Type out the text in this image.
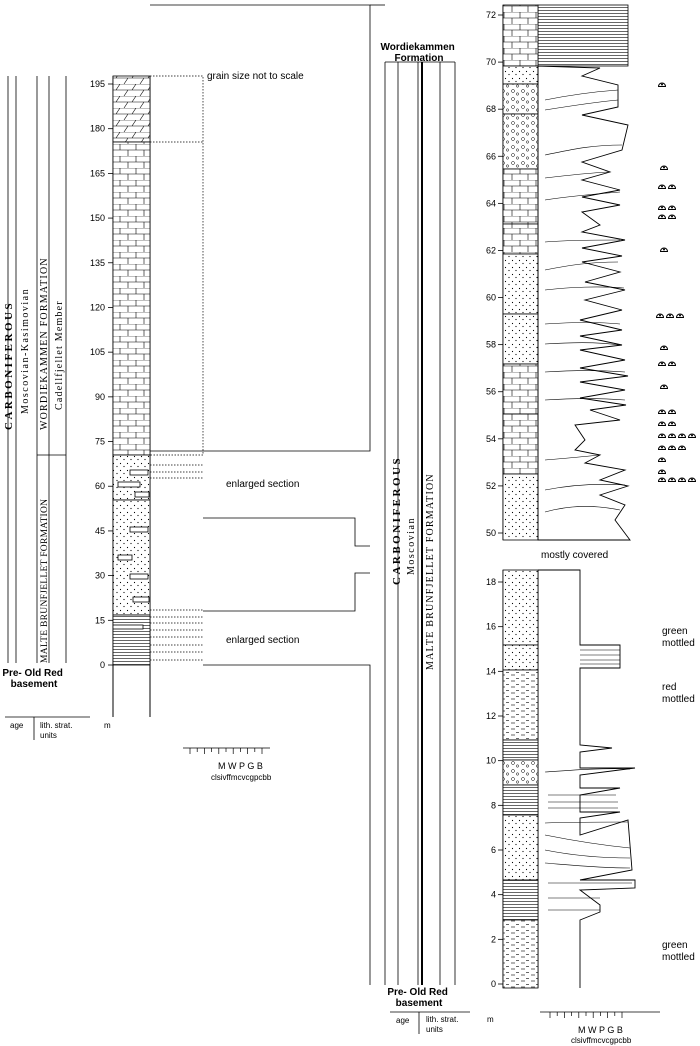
CARBONIFEROUS Moscovian-Kasimovian WORDIEKAMMEN FORMATION Cadellfjellet Member
MALTE BRUNFJELLET FORMATION
Pre- Old Red basement
age lith. strat.
units
m
195
180
165
150
135
120
105
90
75
60
45
30
15
0
grain size not to scale
enlarged section
enlarged section
M W P G B
clsivffmcvcgpcbb
Wordiekammen Formation
CARBONIFEROUS Moscovian MALTE BRUNFJELLET FORMATION
Pre- Old Red basement
age lith. strat.
units
m
72
70
68
66
64
62
60
58
56
54
52
50
mostly covered
18
16
14
12
10
8
6
4
2
0
green mottled
red mottled
green mottled
M W P G B
clsivffmcvcgpcbb
